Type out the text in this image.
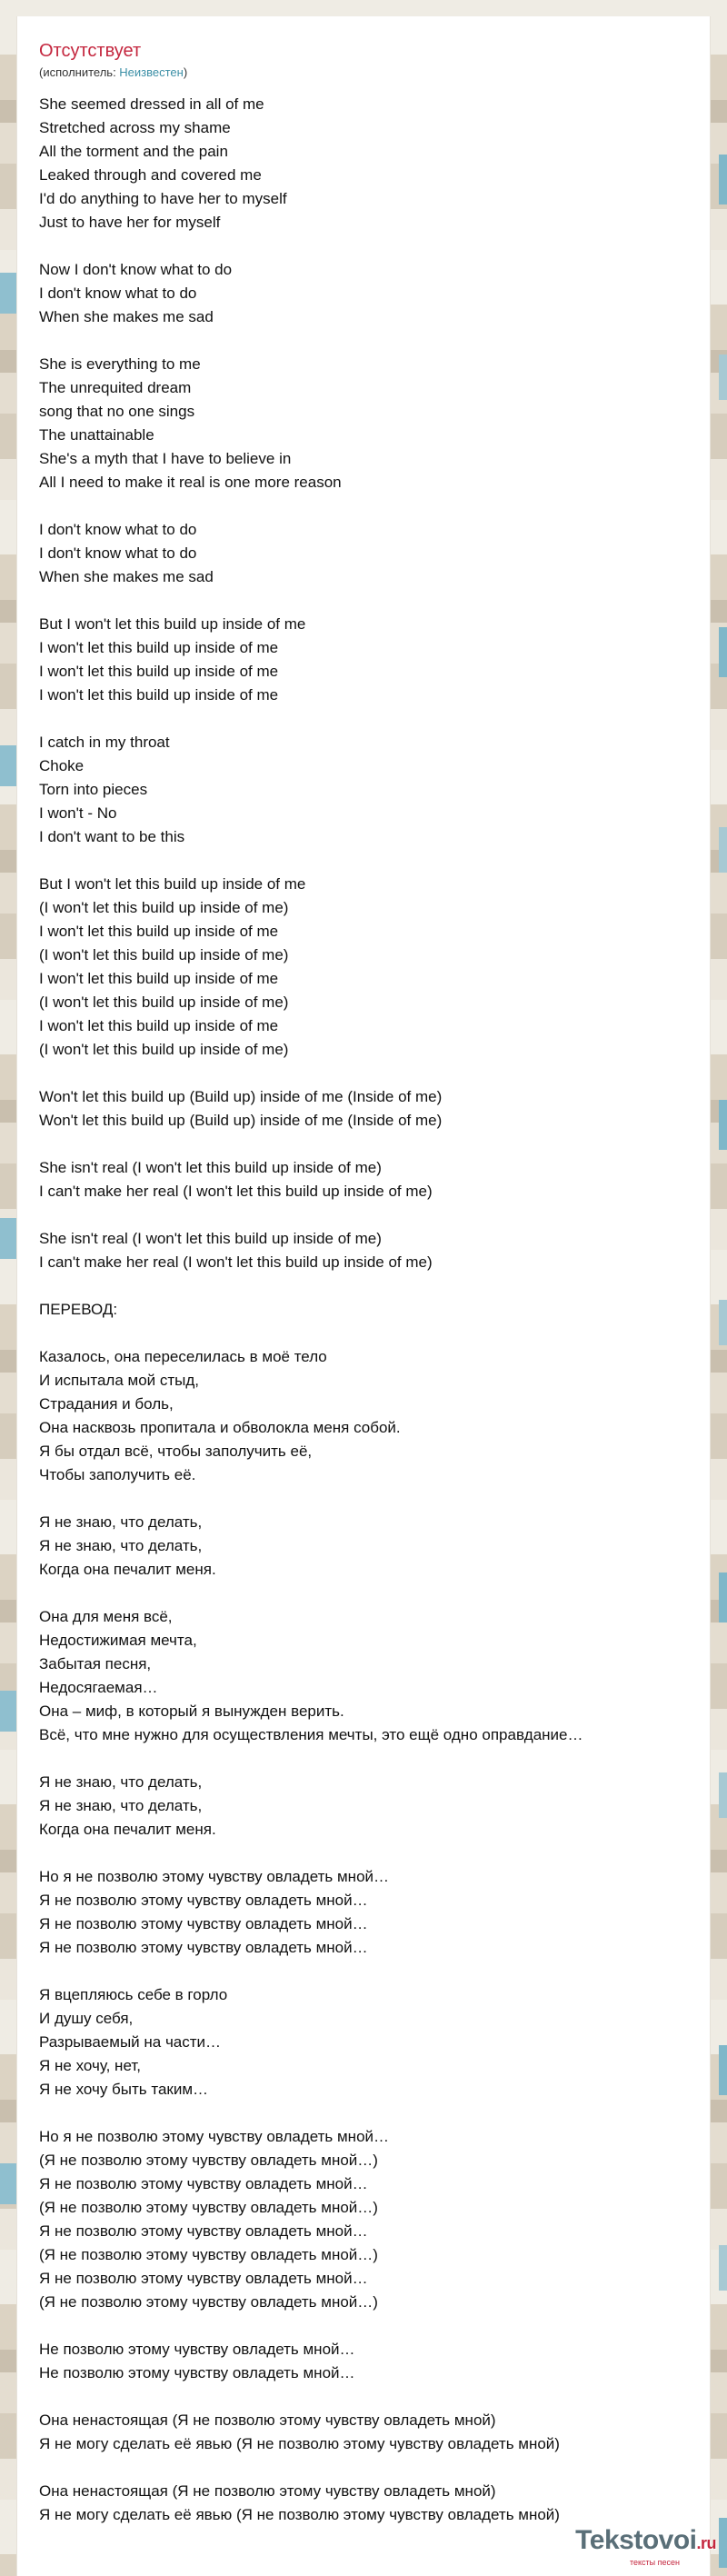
Отсутствует
(исполнитель: Неизвестен)
She seemed dressed in all of me
Stretched across my shame
All the torment and the pain
Leaked through and covered me
I'd do anything to have her to myself
Just to have her for myself
Now I don't know what to do
I don't know what to do
When she makes me sad
She is everything to me
The unrequited dream
song that no one sings
The unattainable
She's a myth that I have to believe in
All I need to make it real is one more reason
I don't know what to do
I don't know what to do
When she makes me sad
But I won't let this build up inside of me
I won't let this build up inside of me
I won't let this build up inside of me
I won't let this build up inside of me
I catch in my throat
Choke
Torn into pieces
I won't - No
I don't want to be this
But I won't let this build up inside of me
(I won't let this build up inside of me)
I won't let this build up inside of me
(I won't let this build up inside of me)
I won't let this build up inside of me
(I won't let this build up inside of me)
I won't let this build up inside of me
(I won't let this build up inside of me)
Won't let this build up (Build up) inside of me (Inside of me)
Won't let this build up (Build up) inside of me (Inside of me)
She isn't real (I won't let this build up inside of me)
I can't make her real (I won't let this build up inside of me)
She isn't real (I won't let this build up inside of me)
I can't make her real (I won't let this build up inside of me)
ПЕРЕВОД:
Казалось, она переселилась в моё тело
И испытала мой стыд,
Страдания и боль,
Она насквозь пропитала и обволокла меня собой.
Я бы отдал всё, чтобы заполучить её,
Чтобы заполучить её.
Я не знаю, что делать,
Я не знаю, что делать,
Когда она печалит меня.
Она для меня всё,
Недостижимая мечта,
Забытая песня,
Недосягаемая…
Она – миф, в который я вынужден верить.
Всё, что мне нужно для осуществления мечты, это ещё одно оправдание…
Я не знаю, что делать,
Я не знаю, что делать,
Когда она печалит меня.
Но я не позволю этому чувству овладеть мной…
Я не позволю этому чувству овладеть мной…
Я не позволю этому чувству овладеть мной…
Я не позволю этому чувству овладеть мной…
Я вцепляюсь себе в горло
И душу себя,
Разрываемый на части…
Я не хочу, нет,
Я не хочу быть таким…
Но я не позволю этому чувству овладеть мной…
(Я не позволю этому чувству овладеть мной…)
Я не позволю этому чувству овладеть мной…
(Я не позволю этому чувству овладеть мной…)
Я не позволю этому чувству овладеть мной…
(Я не позволю этому чувству овладеть мной…)
Я не позволю этому чувству овладеть мной…
(Я не позволю этому чувству овладеть мной…)
Не позволю этому чувству овладеть мной…
Не позволю этому чувству овладеть мной…
Она ненастоящая (Я не позволю этому чувству овладеть мной)
Я не могу сделать её явью (Я не позволю этому чувству овладеть мной)
Она ненастоящая (Я не позволю этому чувству овладеть мной)
Я не могу сделать её явью (Я не позволю этому чувству овладеть мной)
Tekstovoi.ru
тексты песен
